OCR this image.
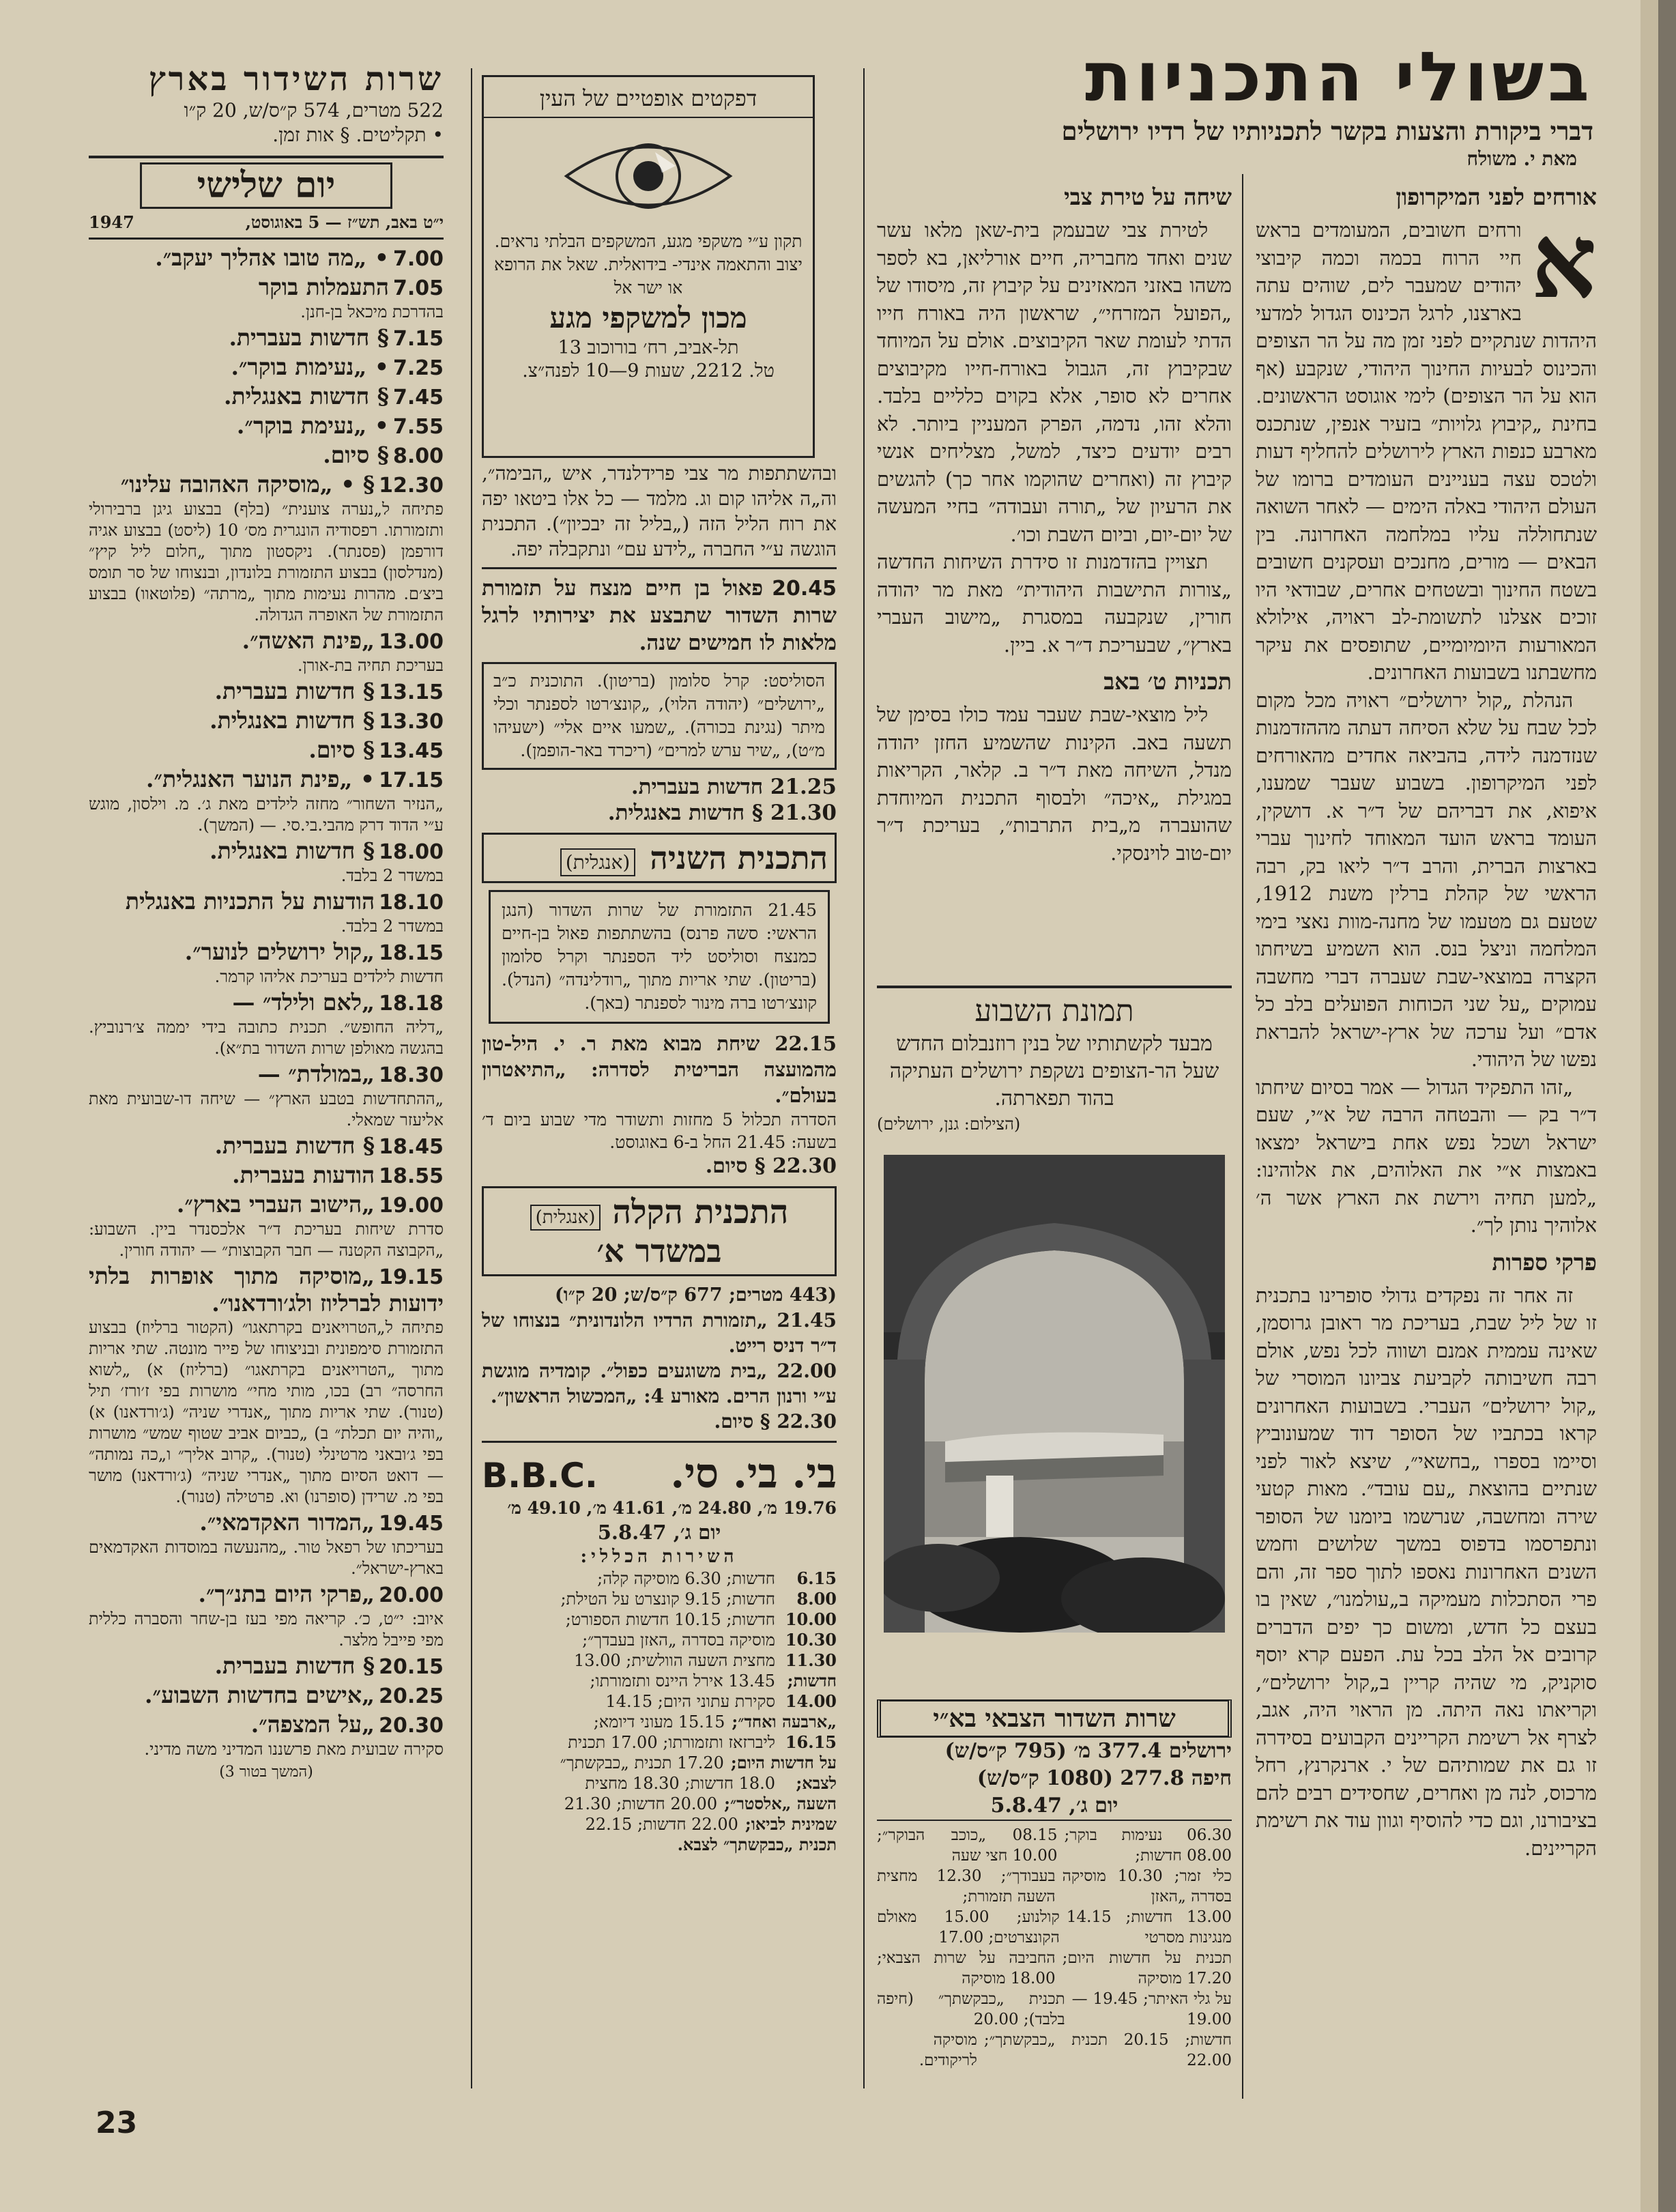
בשולי התכניות
דברי ביקורת והצעות בקשר לתכניותיו של רדיו ירושלים
מאת י. משולח
אורחים לפני המיקרופון

א
ורחים חשובים, המעומדים בראש חיי הרוח בכמה וכמה קיבוצי יהודים שמעבר לים, שוהים עתה בארצנו, לרגל הכינוס הגדול למדעי היהדות שנתקיים לפני זמן מה על הר הצופים והכינוס לבעיות החינוך היהודי, שנקבע (אף הוא על הר הצופים) לימי אוגוסט הראשונים. בחינת „קיבוץ גלויות״ בזעיר אנפין, שנתכנס מארבע כנפות הארץ לירושלים להחליף דעות ולטכס עצה בעניינים העומדים ברומו של העולם היהודי באלה הימים — לאחר השואה שנתחוללה עליו במלחמה האחרונה. בין הבאים — מורים, מחנכים ועסקנים חשובים בשטח החינוך ובשטחים אחרים, שבודאי היו זוכים אצלנו לתשומת-לב ראויה, אילולא המאורעות היומיומיים, שתופסים את עיקר מחשבתנו בשבועות האחרונים.

הנהלת „קול ירושלים״ ראויה מכל מקום לכל שבח על שלא הסיחה דעתה מההזדמנות שנזדמנה לידה, בהביאה אחדים מהאורחים לפני המיקרופון. בשבוע שעבר שמענו, איפוא, את דבריהם של ד״ר א. דושקין, העומד בראש הועד המאוחד לחינוך עברי בארצות הברית, והרב ד״ר ליאו בק, רבה הראשי של קהלת ברלין משנת 1912, שטעם גם מטעמו של מחנה-מוות נאצי בימי המלחמה וניצל בנס. הוא השמיע בשיחתו הקצרה במוצאי-שבת שעברה דברי מחשבה עמוקים „על שני הכוחות הפועלים בלב כל אדם״ ועל ערכה של ארץ-ישראל להבראת נפשו של היהודי.

„זהו התפקיד הגדול — אמר בסיום שיחתו ד״ר בק — והבטחה הרבה של א״י, שעם ישראל ושכל נפש אחת בישראל ימצאו באמצות א״י את האלוהים, את אלוהינו: „למען תחיה וירשת את הארץ אשר ה׳ אלוהיך נותן לך״.

פרקי ספרות

זה אחר זה נפקדים גדולי סופרינו בתכנית זו של ליל שבת, בעריכת מר ראובן גרוסמן, שאינה עממית אמנם ושווה לכל נפש, אולם רבה חשיבותה לקביעת צביונו המוסרי של „קול ירושלים״ העברי. בשבועות האחרונים קראו בכתביו של הסופר דוד שמעונוביץ וסיימו בספרו „בחשאי״, שיצא לאור לפני שנתיים בהוצאת „עם עובד״. מאות קטעי שירה ומחשבה, שנרשמו ביומנו של הסופר ונתפרסמו בדפוס במשך שלושים וחמש השנים האחרונות נאספו לתוך ספר זה, והם פרי הסתכלות מעמיקה ב„עולמנו״, שאין בו בעצם כל חדש, ומשום כך יפים הדברים קרובים אל הלב בכל עת. הפעם קרא יוסף סוקניק, מי שהיה קריין ב„קול ירושלים״, וקריאתו נאה היתה. מן הראוי היה, אגב, לצרף אל רשימת הקריינים הקבועים בסידרה זו גם את שמותיהם של י. ארנקרנץ, רחל מרכוס, לנה מן ואחרים, שחסידים רבים להם בציבורנו, וגם כדי להוסיף וגוון עוד את רשימת הקריינים.

שיחה על טירת צבי

לטירת צבי שבעמק בית-שאן מלאו עשר שנים ואחד מחבריה, חיים אורליאן, בא לספר משהו באזני המאזינים על קיבוץ זה, מיסודו של „הפועל המזרחי״, שראשון היה באורח חייו הדתי לעומת שאר הקיבוצים. אולם על המיוחד שבקיבוץ זה, הגבול באורח-חייו מקיבוצים אחרים לא סופר, אלא בקוים כלליים בלבד. והלא זהו, נדמה, הפרק המעניין ביותר. לא רבים יודעים כיצד, למשל, מצליחים אנשי קיבוץ זה (ואחרים שהוקמו אחר כך) להגשים את הרעיון של „תורה ועבודה״ בחיי המעשה של יום-יום, וביום השבת וכו׳.

תצויין בהזדמנות זו סידרת השיחות החדשה „צורות התישבות היהודית״ מאת מר יהודה חורין, שנקבעה במסגרת „מישוב העברי בארץ״, שבעריכת ד״ר א. ביין.

תכניות ט׳ באב

ליל מוצאי-שבת שעבר עמד כולו בסימן של תשעה באב. הקינות שהשמיע החזן יהודה מנדל, השיחה מאת ד״ר ב. קלאר, הקריאות במגילת „איכה״ ולבסוף התכנית המיוחדת שהועברה מ„בית התרבות״, בעריכת ד״ר יום-טוב לוינסקי.

תמונת השבוע
מבעד לקשתותיו של בנין רוזנבלום החדש שעל הר-הצופים נשקפת ירושלים העתיקה בהוד תפארתה.
(הצילום: גנן, ירושלים)
שרות השדור הצבאי בא״י
ירושלים 377.4 מ׳ (795 ק״ס/ש)
חיפה 277.8 (1080 ק״ס/ש)
יום ג׳, 5.8.47
06.30 נעימות בוקר; 08.00 חדשות;
08.15 „כוכב הבוקר״; 10.00 חצי שעה
כלי זמר; 10.30 מוסיקה בסדרה „האזן
בעבודך״; 12.30 מחצית השעה תזמורת;
13.00 חדשות; 14.15 מנגינות מסרטי
קולנוע; 15.00 מאולם הקונצרטים; 17.00
תכנית על חדשות היום; 17.20 מוסיקה
החביבה על שרות הצבאי; 18.00 מוסיקה
על גלי האיתר; 19.45 — 19.00
תכנית „כבקשתך״ (חיפה בלבד); 20.00
חדשות; 20.15 תכנית „כבקשתך״; 22.00
מוסיקה לריקודים.
דפקטים אופטיים של העין
תקון ע״י משקפי מגע, המשקפים הבלתי נראים. יצוב והתאמה אינדי- בידואלית. שאל את הרופא או ישר אל
מכון למשקפי מגע
תל-אביב, רח׳ בורוכוב 13
טל. 2212, שעות 9—10 לפנה״צ.

ובהשתתפות מר צבי פרידלנדר, איש „הבימה״, וה„ה אליהו קום וג. מלמד — כל אלו ביטאו יפה את רוח הליל הזה („בליל זה יבכיון״). התכנית הוגשה ע״י החברה „לידע עם״ ונתקבלה יפה.

20.45 פאול בן חיים מנצח על תזמורת שרות השדור שתבצע את יצירותיו לרגל מלאות לו חמישים שנה.
הסוליסט: קרל סלומון (בריטון). התוכנית כ״ב „ירושלים״ (יהודה הלוי), „קונצ׳רטו לספנתר וכלי מיתר (נגינת בכורה). „שמעו איים אלי״ (ישעיהו מ״ט), „שיר ערש למרים״ (ריכרד באר-הופמן).
21.25 חדשות בעברית.
21.30 § חדשות באנגלית.
התכנית השניה (אנגלית)
21.45 התזמורת של שרות השדור (הנגן הראשי: סשה פרנס) בהשתתפות פאול בן-חיים כמנצח וסוליסט ליד הספנתר וקרל סלומון (בריטון). שתי אריות מתוך „רודלינדה״ (הנדל). קונצ׳רטו ברה מינור לספנתר (באך).
22.15 שיחת מבוא מאת ר. י. היל-טון מהמועצה הבריטית לסדרה: „התיאטרון בעולם״.
הסדרה תכלול 5 מחזות ותשודר מדי שבוע ביום ד׳ בשעה: 21.45 החל ב-6 באוגוסט.
22.30 § סיום.
התכנית הקלה (אנגלית)
במשדר א׳
(443 מטרים; 677 ק״ס/ש; 20 ק״ו)
21.45 „תזמורת הרדיו הלונדונית״ בנצוחו של ד״ר דניס רייט.
22.00 „בית משוגעים כפול״. קומדיה מוגשת ע״י ורנון הרים. מאורע 4: „המכשול הראשון״.
22.30 § סיום.
בי. בי. סי.
B.B.C.
19.76 מ׳, 24.80 מ׳, 41.61 מ׳, 49.10 מ׳
יום ג׳, 5.8.47
השירות הכללי:
6.15
חדשות; 6.30 מוסיקה קלה;
8.00
חדשות; 9.15 קונצרט על הטילת;
10.00
חדשות; 10.15 חדשות הספורט;
10.30
מוסיקה בסדרה „האזן בעבדך״;
11.30
מחצית השעה הוולשית; 13.00
חדשות;
13.45 אירל היינס ותזמורתו;
14.00
סקירת עתוני היום; 14.15
„ארבעה ואחד״;
15.15 מעוני דיומא;
16.15
ליברזאז ותזמורתו; 17.00 תכנית
על חדשות היום;
17.20 תכנית „כבקשתך״
לצבא;
18.0 חדשות; 18.30 מחצית
השעה „אלסטר״;
20.00 חדשות; 21.30
שמינית לביאו;
22.00 חדשות; 22.15
תכנית „כבקשתך״ לצבא.
שרות השידור בארץ
522 מטרים, 574 ק״ס/ש, 20 ק״ו
• תקליטים. § אות זמן.
יום שלישי
י״ט באב, תש״ז — 5 באוגוסט,
1947
7.00• „מה טובו אהליך יעקב״.
7.05התעמלות בוקר
בהדרכת מיכאל בן-חנן.
7.15§ חדשות בעברית.
7.25• „נעימות בוקר״.
7.45§ חדשות באנגלית.
7.55• „נעימת בוקר״.
8.00§ סיום.
12.30§ • „מוסיקה האהובה עלינו״
פתיחה ל„נערה צוענית״ (בלף) בבצוע גיגן ברבירולי ותזמורתו. רפסודיה הונגרית מס׳ 10 (ליסט) בבצוע אגיה דורפמן (פסנתר). ניקסטון מתוך „חלום ליל קיץ״ (מנדלסון) בבצוע התזמורת בלונדון, ובנצוחו של סר תומס ביצ׳ם. מהרות נעימות מתוך „מרתה״ (פלוטאוו) בבצוע התזמורת של האופרה הגדולה.
13.00„פינת האשה״.
בעריכת תחיה בת-אורן.
13.15§ חדשות בעברית.
13.30§ חדשות באנגלית.
13.45§ סיום.
17.15• „פינת הנוער האנגלית״.
„הנזיר השחור״ מחזה לילדים מאת ג׳. מ. וילסון, מוגש ע״י הדוד דרק מהבי.בי.סי. — (המשך).
18.00§ חדשות באנגלית.
במשדר 2 בלבד.
18.10הודעות על התכניות באנגלית
במשדר 2 בלבד.
18.15„קול ירושלים לנוער״.
חדשות לילדים בעריכת אליהו קרמר.
18.18„לאם ולילד״ —
„דליה החופש״. תכנית כתובה בידי יממה צ׳רנוביץ. בהגשה מאולפן שרות השדור בת״א).
18.30„במולדת״ —
„ההתחדשות בטבע הארץ״ — שיחה דו-שבועית מאת אליעזר שמאלי.
18.45§ חדשות בעברית.
18.55הודעות בעברית.
19.00„הישוב העברי בארץ״.
סדרת שיחות בעריכת ד״ר אלכסנדר ביין. השבוע: „הקבוצה הקטנה — חבר הקבוצות״ — יהודה חורין.
19.15„מוסיקה מתוך אופרות בלתי ידועות לברליוז ולג׳ורדאנו״.
פתיחה ל„הטרויאנים בקרתאגו״ (הקטור ברליוז) בבצוע התזמורת סימפונית ובניצוחו של פייר מונטה. שתי אריות מתוך „הטרויאנים בקרתאגו״ (ברליוז) א) „לשוא החרסה״ רב) בכו, מותי מחי״ מושרות בפי ז׳ורז׳ תיל (טנור). שתי אריות מתוך „אנדרי שניה״ (ג׳ורדאנו) א) „והיה יום תכלת״ ב) „כביום אביב שטוף שמש״ מושרות בפי ג׳ובאני מרטינלי (טנור). „קרוב אליך״ ו„כה נמותה״ — דואט הסיום מתוך „אנדרי שניה״ (ג׳ורדאנו) מושר בפי מ. שרידן (סופרנו) וא. פרטילה (טנור).
19.45„המדור האקדמאי״.
בעריכתו של רפאל טור. „מהנעשה במוסדות האקדמאים בארץ-ישראל״.
20.00„פרקי היום בתנ״ך״.
איוב: י״ט, כ׳. קריאה מפי בעז בן-שחר והסברה כללית מפי פייבל מלצר.
20.15§ חדשות בעברית.
20.25„אישים בחדשות השבוע״.
20.30„על המצפה״.
סקירה שבועית מאת פרשננו המדיני משה מדיני.
(המשך בטור 3)
23
